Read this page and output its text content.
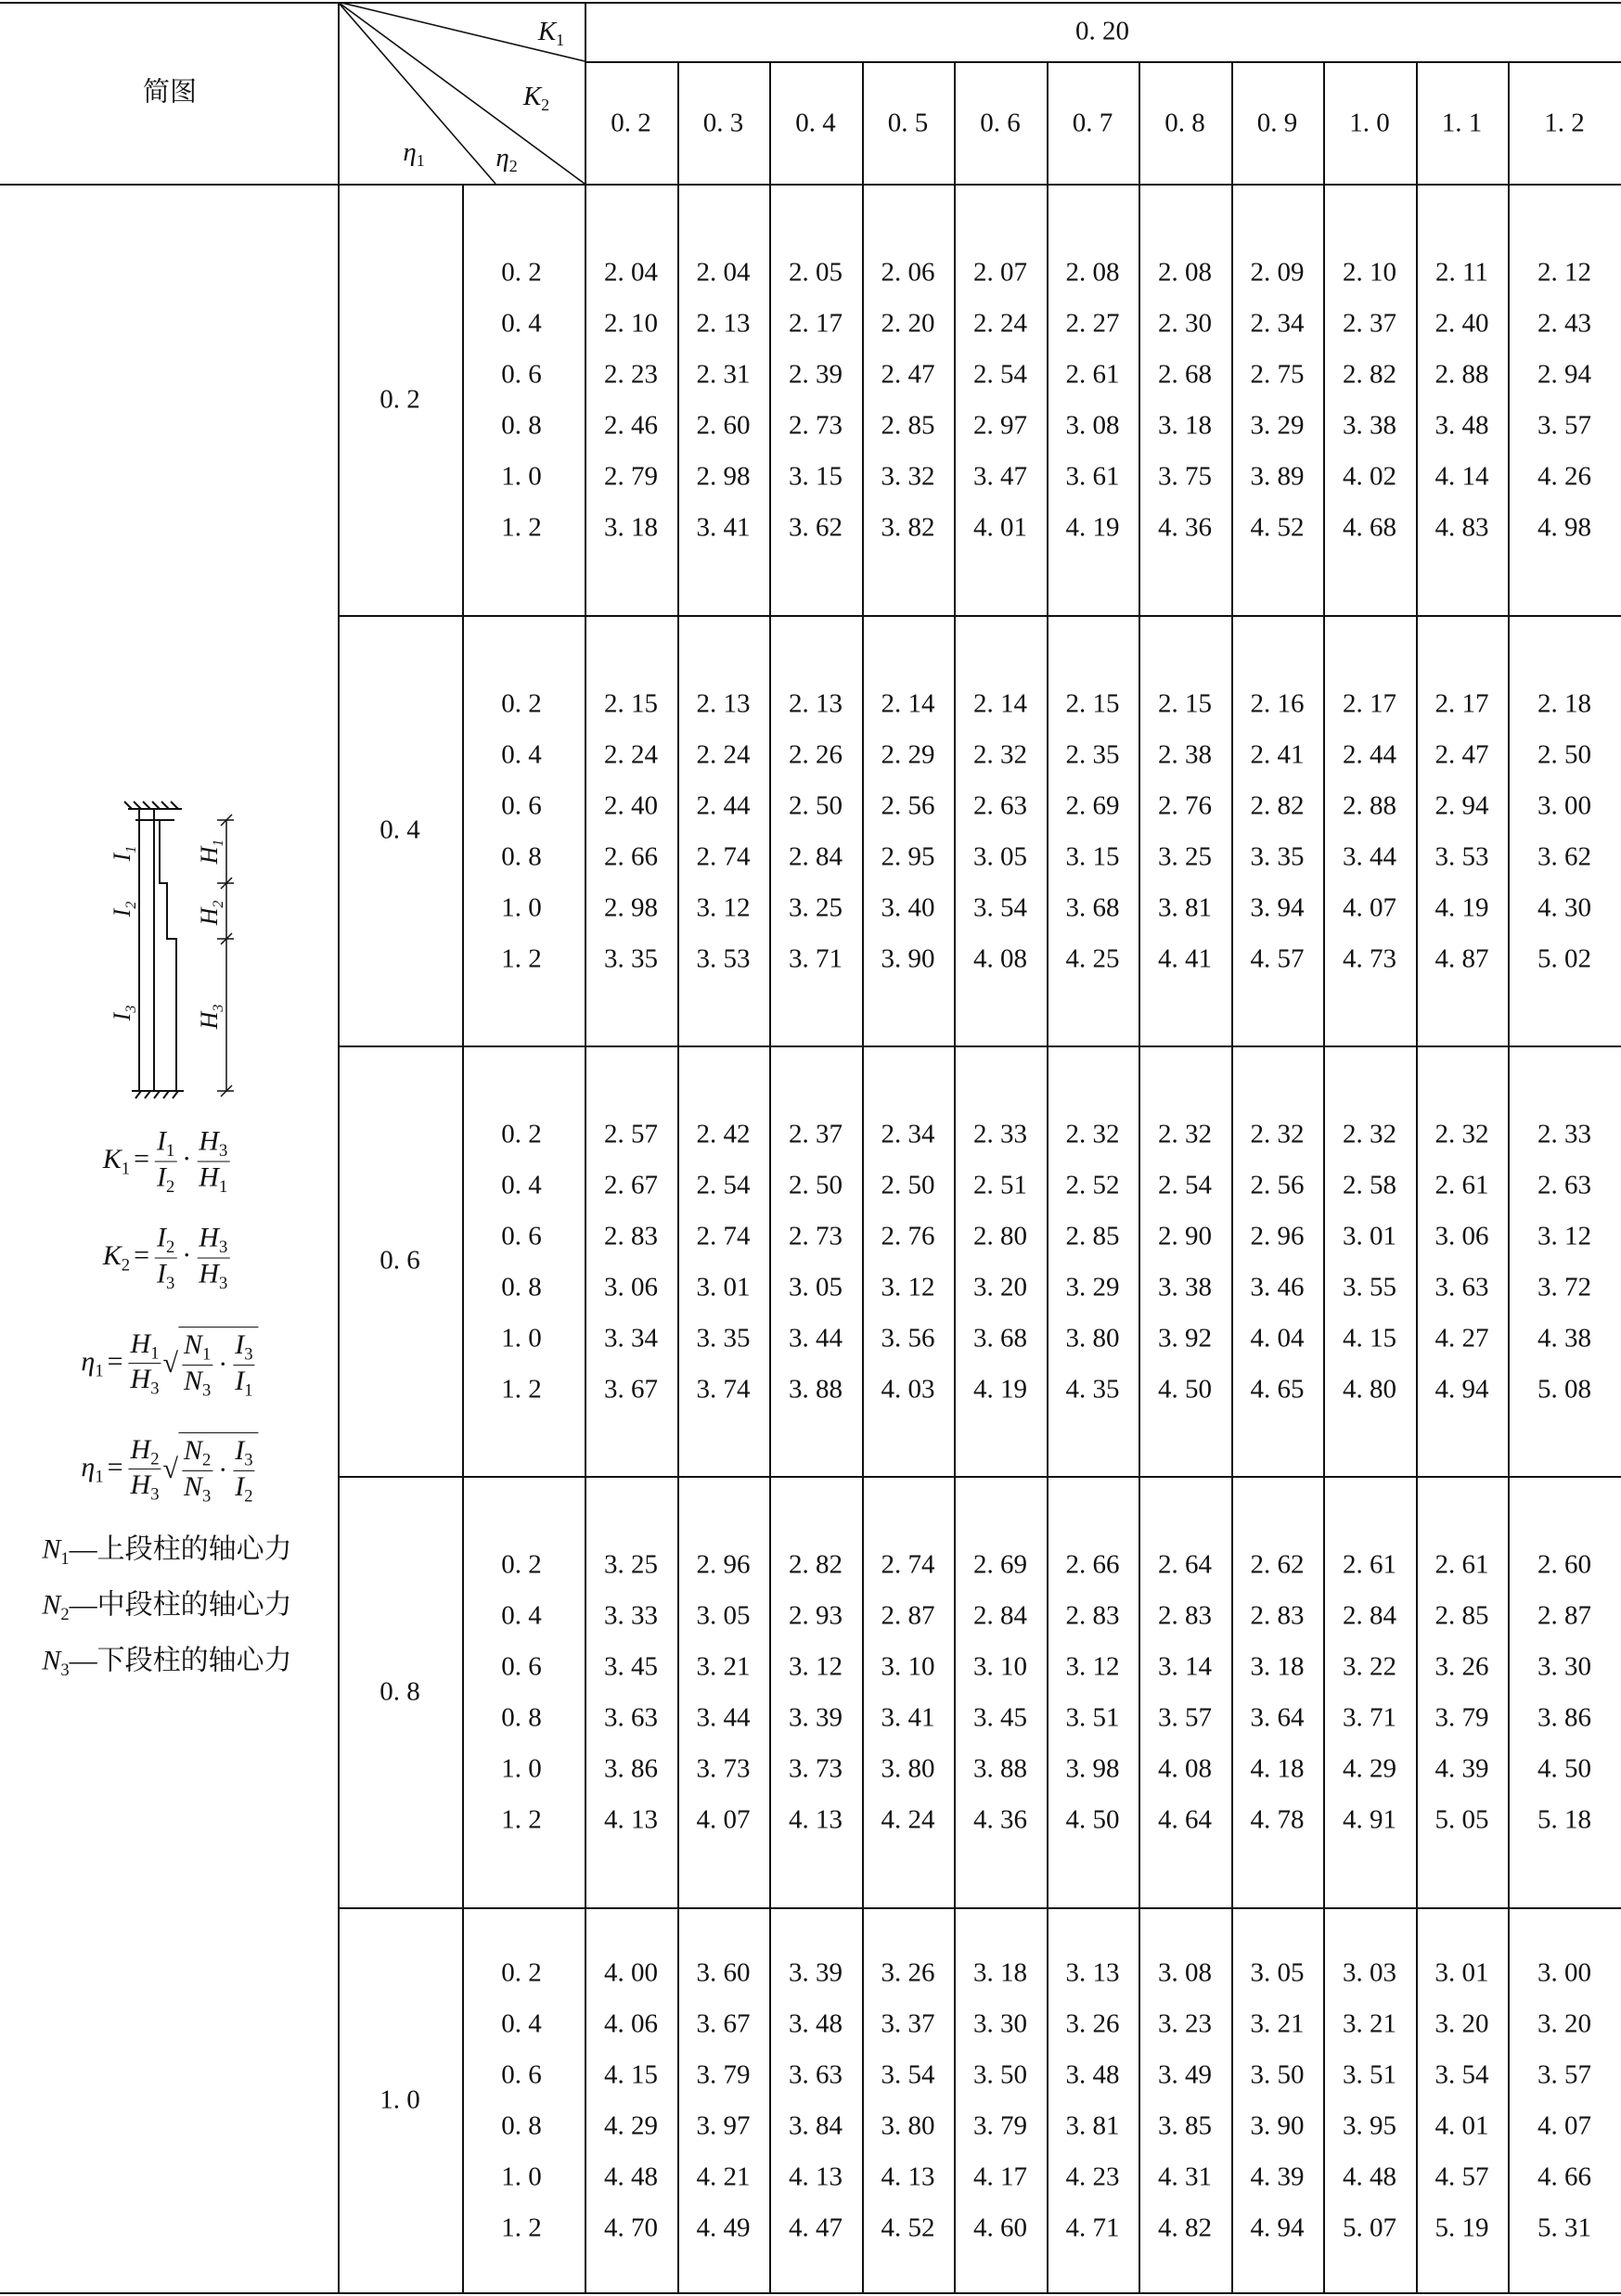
简图
$K_1$
$K_2$
$\eta_1$	$\eta_2$
0. 20
0. 2 0. 3 0. 4 0. 5 0. 6 0. 7 0. 8 0. 9 1. 0 1. 1 1. 2
0. 2
0. 2 2. 04 2. 04 2. 05 2. 06 2. 07 2. 08 2. 08 2. 09 2. 10 2. 11 2. 12
0. 4 2. 10 2. 13 2. 17 2. 20 2. 24 2. 27 2. 30 2. 34 2. 37 2. 40 2. 43
0. 6 2. 23 2. 31 2. 39 2. 47 2. 54 2. 61 2. 68 2. 75 2. 82 2. 88 2. 94
0. 8 2. 46 2. 60 2. 73 2. 85 2. 97 3. 08 3. 18 3. 29 3. 38 3. 48 3. 57
1. 0 2. 79 2. 98 3. 15 3. 32 3. 47 3. 61 3. 75 3. 89 4. 02 4. 14 4. 26
1. 2 3. 18 3. 41 3. 62 3. 82 4. 01 4. 19 4. 36 4. 52 4. 68 4. 83 4. 98
0. 4
0. 2 2. 15 2. 13 2. 13 2. 14 2. 14 2. 15 2. 15 2. 16 2. 17 2. 17 2. 18
0. 4 2. 24 2. 24 2. 26 2. 29 2. 32 2. 35 2. 38 2. 41 2. 44 2. 47 2. 50
0. 6 2. 40 2. 44 2. 50 2. 56 2. 63 2. 69 2. 76 2. 82 2. 88 2. 94 3. 00
0. 8 2. 66 2. 74 2. 84 2. 95 3. 05 3. 15 3. 25 3. 35 3. 44 3. 53 3. 62
1. 0 2. 98 3. 12 3. 25 3. 40 3. 54 3. 68 3. 81 3. 94 4. 07 4. 19 4. 30
1. 2 3. 35 3. 53 3. 71 3. 90 4. 08 4. 25 4. 41 4. 57 4. 73 4. 87 5. 02
0. 6
0. 2 2. 57 2. 42 2. 37 2. 34 2. 33 2. 32 2. 32 2. 32 2. 32 2. 32 2. 33
0. 4 2. 67 2. 54 2. 50 2. 50 2. 51 2. 52 2. 54 2. 56 2. 58 2. 61 2. 63
0. 6 2. 83 2. 74 2. 73 2. 76 2. 80 2. 85 2. 90 2. 96 3. 01 3. 06 3. 12
0. 8 3. 06 3. 01 3. 05 3. 12 3. 20 3. 29 3. 38 3. 46 3. 55 3. 63 3. 72
1. 0 3. 34 3. 35 3. 44 3. 56 3. 68 3. 80 3. 92 4. 04 4. 15 4. 27 4. 38
1. 2 3. 67 3. 74 3. 88 4. 03 4. 19 4. 35 4. 50 4. 65 4. 80 4. 94 5. 08
0. 8
0. 2 3. 25 2. 96 2. 82 2. 74 2. 69 2. 66 2. 64 2. 62 2. 61 2. 61 2. 60
0. 4 3. 33 3. 05 2. 93 2. 87 2. 84 2. 83 2. 83 2. 83 2. 84 2. 85 2. 87
0. 6 3. 45 3. 21 3. 12 3. 10 3. 10 3. 12 3. 14 3. 18 3. 22 3. 26 3. 30
0. 8 3. 63 3. 44 3. 39 3. 41 3. 45 3. 51 3. 57 3. 64 3. 71 3. 79 3. 86
1. 0 3. 86 3. 73 3. 73 3. 80 3. 88 3. 98 4. 08 4. 18 4. 29 4. 39 4. 50
1. 2 4. 13 4. 07 4. 13 4. 24 4. 36 4. 50 4. 64 4. 78 4. 91 5. 05 5. 18
1. 0
0. 2 4. 00 3. 60 3. 39 3. 26 3. 18 3. 13 3. 08 3. 05 3. 03 3. 01 3. 00
0. 4 4. 06 3. 67 3. 48 3. 37 3. 30 3. 26 3. 23 3. 21 3. 21 3. 20 3. 20
0. 6 4. 15 3. 79 3. 63 3. 54 3. 50 3. 48 3. 49 3. 50 3. 51 3. 54 3. 57
0. 8 4. 29 3. 97 3. 84 3. 80 3. 79 3. 81 3. 85 3. 90 3. 95 4. 01 4. 07
1. 0 4. 48 4. 21 4. 13 4. 13 4. 17 4. 23 4. 31 4. 39 4. 48 4. 57 4. 66
1. 2 4. 70 4. 49 4. 47 4. 52 4. 60 4. 71 4. 82 4. 94 5. 07 5. 19 5. 31
$I_1$
$I_2$
$I_3$
$H_1$
$H_2$
$H_3$
$K_1 = \frac{I_1}{I_2} \cdot \frac{H_3}{H_1}$
$K_2 = \frac{I_2}{I_3} \cdot \frac{H_3}{H_3}$
$\eta_1 = \frac{H_1}{H_3}$ √ $\frac{N_1}{N_3} \cdot \frac{I_3}{I_1}$
$\eta_1 = \frac{H_2}{H_3}$ √ $\frac{N_2}{N_3} \cdot \frac{I_3}{I_2}$
$N_1—$上段柱的轴心力
$N_2—$中段柱的轴心力
$N_3—$下段柱的轴心力
